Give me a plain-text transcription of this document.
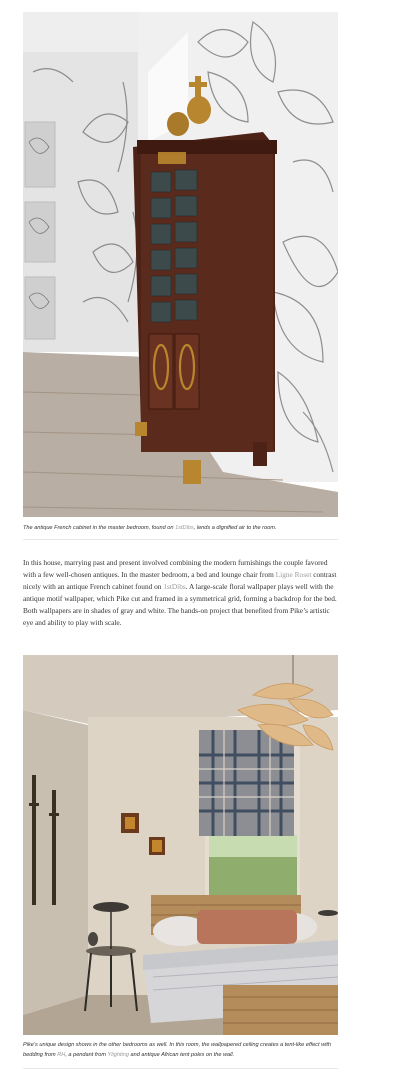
The antique French cabinet in the master bedroom, found on 1stDibs, lends a dignified air to the room.

In this house, marrying past and present involved combining the modern furnishings the couple favored with a few well-chosen antiques. In the master bedroom, a bed and lounge chair from Ligne Roset contrast nicely with an antique French cabinet found on 1stDibs. A large-scale floral wallpaper plays well with the antique motif wallpaper, which Pike cut and framed in a symmetrical grid, forming a backdrop for the bed. Both wallpapers are in shades of gray and white. The hands-on project that benefited from Pike’s artistic eye and ability to play with scale.

Pike’s unique design shows in the other bedrooms as well. In this room, the wallpapered ceiling creates a tent-like effect with bedding from RH, a pendant from Ylighting and antique African tent poles on the wall.
